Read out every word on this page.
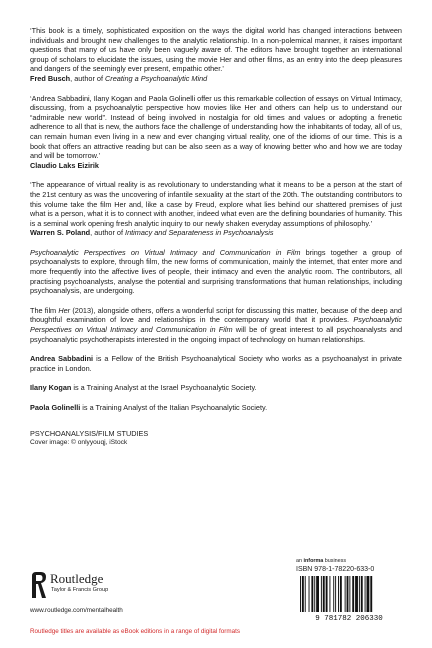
‘This book is a timely, sophisticated exposition on the ways the digital world has changed interactions between individuals and brought new challenges to the analytic relationship. In a non-polemical manner, it raises important questions that many of us have only been vaguely aware of. The editors have brought together an international group of scholars to elucidate the issues, using the movie Her and other films, as an entry into the deep pleasures and dangers of the seemingly ever present, empathic other.’

Fred Busch, author of Creating a Psychoanalytic Mind

‘Andrea Sabbadini, Ilany Kogan and Paola Golinelli offer us this remarkable collection of essays on Virtual Intimacy, discussing, from a psychoanalytic perspective how movies like Her and others can help us to understand our “admirable new world”. Instead of being involved in nostalgia for old times and values or adopting a frenetic adherence to all that is new, the authors face the challenge of understanding how the inhabitants of today, all of us, can remain human even living in a new and ever changing virtual reality, one of the idioms of our time. This is a book that offers an attractive reading but can be also seen as a way of knowing better who and how we are today and will be tomorrow.’

Claudio Laks Eizirik

‘The appearance of virtual reality is as revolutionary to understanding what it means to be a person at the start of the 21st century as was the uncovering of infantile sexuality at the start of the 20th. The outstanding contributors to this volume take the film Her and, like a case by Freud, explore what lies behind our shattered premises of just what is a person, what it is to connect with another, indeed what even are the defining boundaries of humanity. This is a seminal work opening fresh analytic inquiry to our newly shaken everyday assumptions of philosophy.’

Warren S. Poland, author of Intimacy and Separateness in Psychoanalysis

Psychoanalytic Perspectives on Virtual Intimacy and Communication in Film brings together a group of psychoanalysts to explore, through film, the new forms of communication, mainly the internet, that enter more and more frequently into the affective lives of people, their intimacy and even the analytic room. The contributors, all practising psychoanalysts, analyse the potential and surprising transformations that human relationships, including psychoanalysis, are undergoing.

The film Her (2013), alongside others, offers a wonderful script for discussing this matter, because of the deep and thoughtful examination of love and relationships in the contemporary world that it provides. Psychoanalytic Perspectives on Virtual Intimacy and Communication in Film will be of great interest to all psychoanalysts and psychoanalytic psychotherapists interested in the ongoing impact of technology on human relationships.

Andrea Sabbadini is a Fellow of the British Psychoanalytical Society who works as a psychoanalyst in private practice in London.

Ilany Kogan is a Training Analyst at the Israel Psychoanalytic Society.

Paola Golinelli is a Training Analyst of the Italian Psychoanalytic Society.

PSYCHOANALYSIS/FILM STUDIES
Cover image: © onlyyouqj, iStock
Routledge
Taylor & Francis Group
www.routledge.com/mentalhealth
Routledge titles are available as eBook editions in a range of digital formats
an informa business
ISBN 978-1-78220-633-0
9 781782 206330
